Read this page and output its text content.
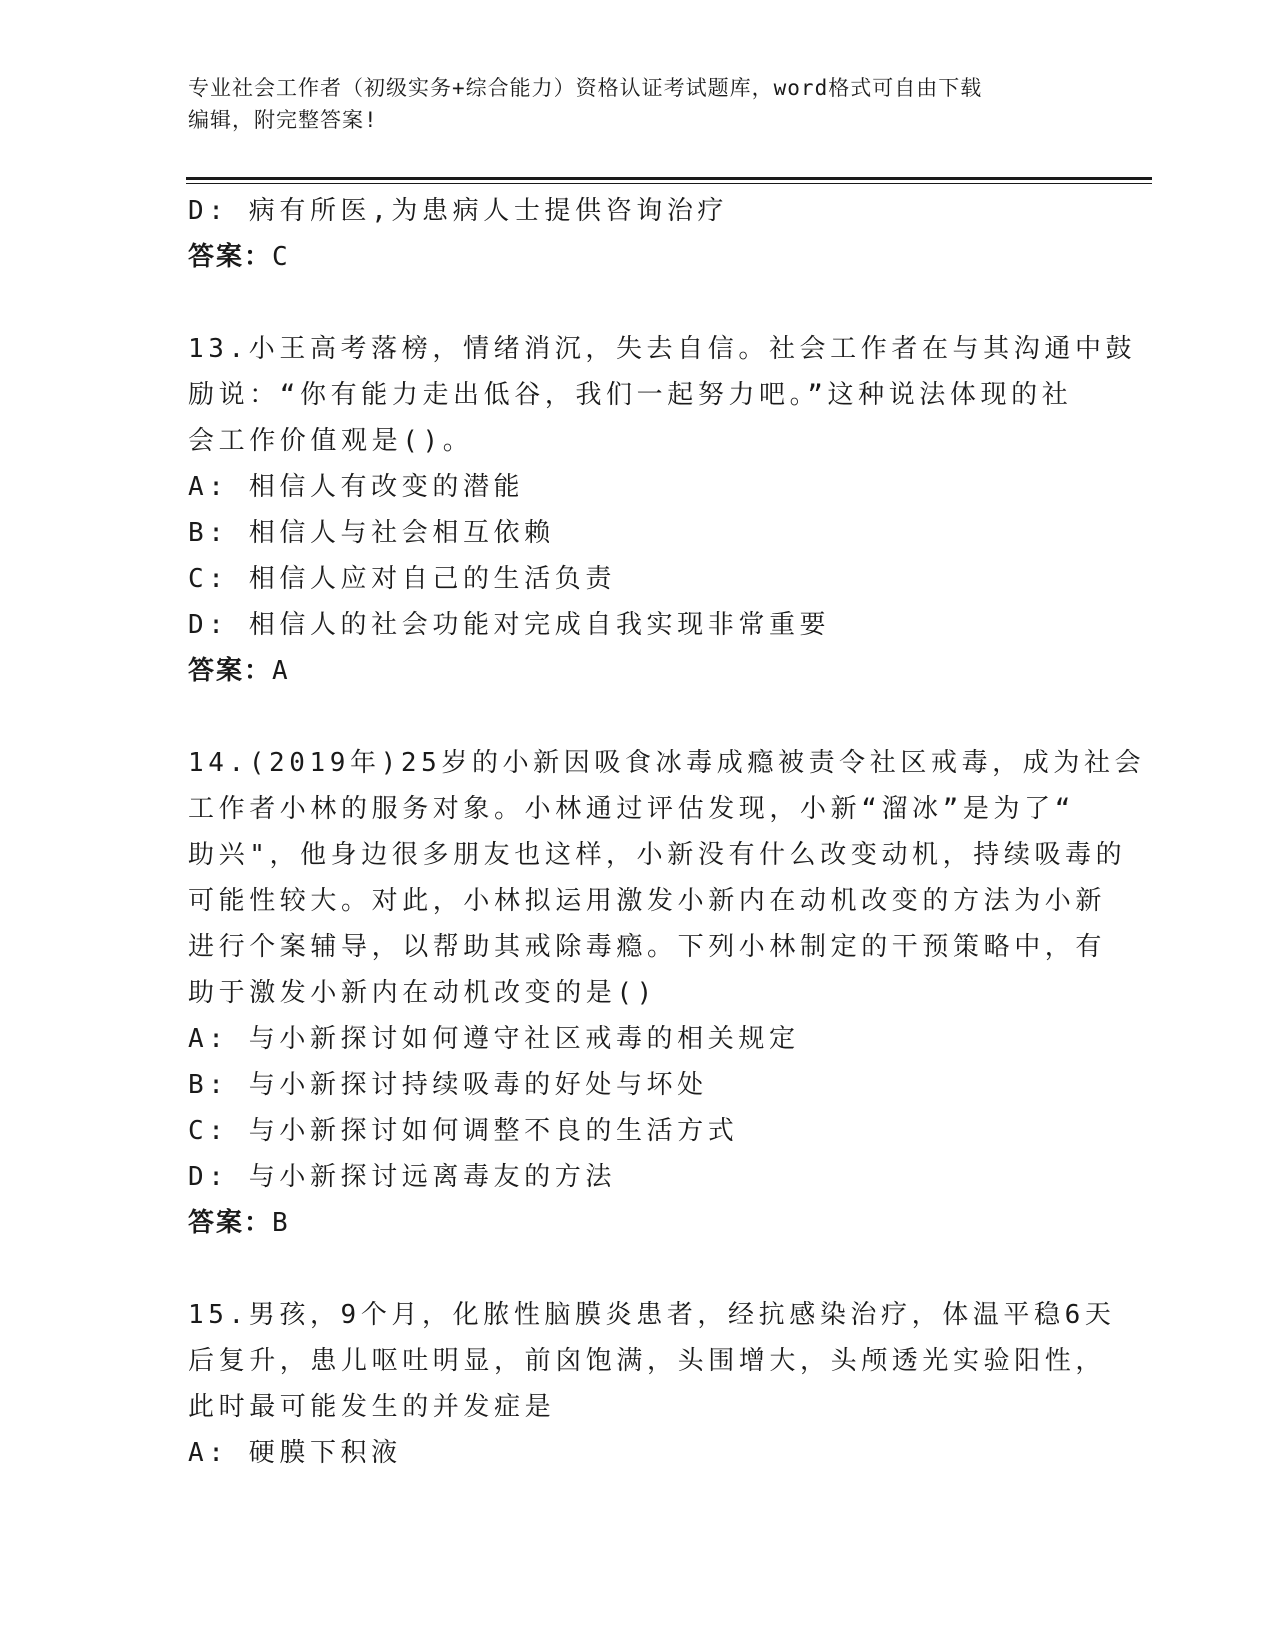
专业社会工作者（初级实务+综合能力）资格认证考试题库，word格式可自由下载
编辑，附完整答案!
D: 病有所医,为患病人士提供咨询治疗
答案：C
13.小王高考落榜，情绪消沉，失去自信。社会工作者在与其沟通中鼓
励说：“你有能力走出低谷，我们一起努力吧。”这种说法体现的社
会工作价值观是()。
A: 相信人有改变的潜能
B: 相信人与社会相互依赖
C: 相信人应对自己的生活负责
D: 相信人的社会功能对完成自我实现非常重要
答案：A
14.(2019年)25岁的小新因吸食冰毒成瘾被责令社区戒毒，成为社会
工作者小林的服务对象。小林通过评估发现，小新“溜冰”是为了“
助兴"，他身边很多朋友也这样，小新没有什么改变动机，持续吸毒的
可能性较大。对此，小林拟运用激发小新内在动机改变的方法为小新
进行个案辅导，以帮助其戒除毒瘾。下列小林制定的干预策略中，有
助于激发小新内在动机改变的是()
A: 与小新探讨如何遵守社区戒毒的相关规定
B: 与小新探讨持续吸毒的好处与坏处
C: 与小新探讨如何调整不良的生活方式
D: 与小新探讨远离毒友的方法
答案：B
15.男孩，9个月，化脓性脑膜炎患者，经抗感染治疗，体温平稳6天
后复升，患儿呕吐明显，前囟饱满，头围增大，头颅透光实验阳性，
此时最可能发生的并发症是
A: 硬膜下积液
